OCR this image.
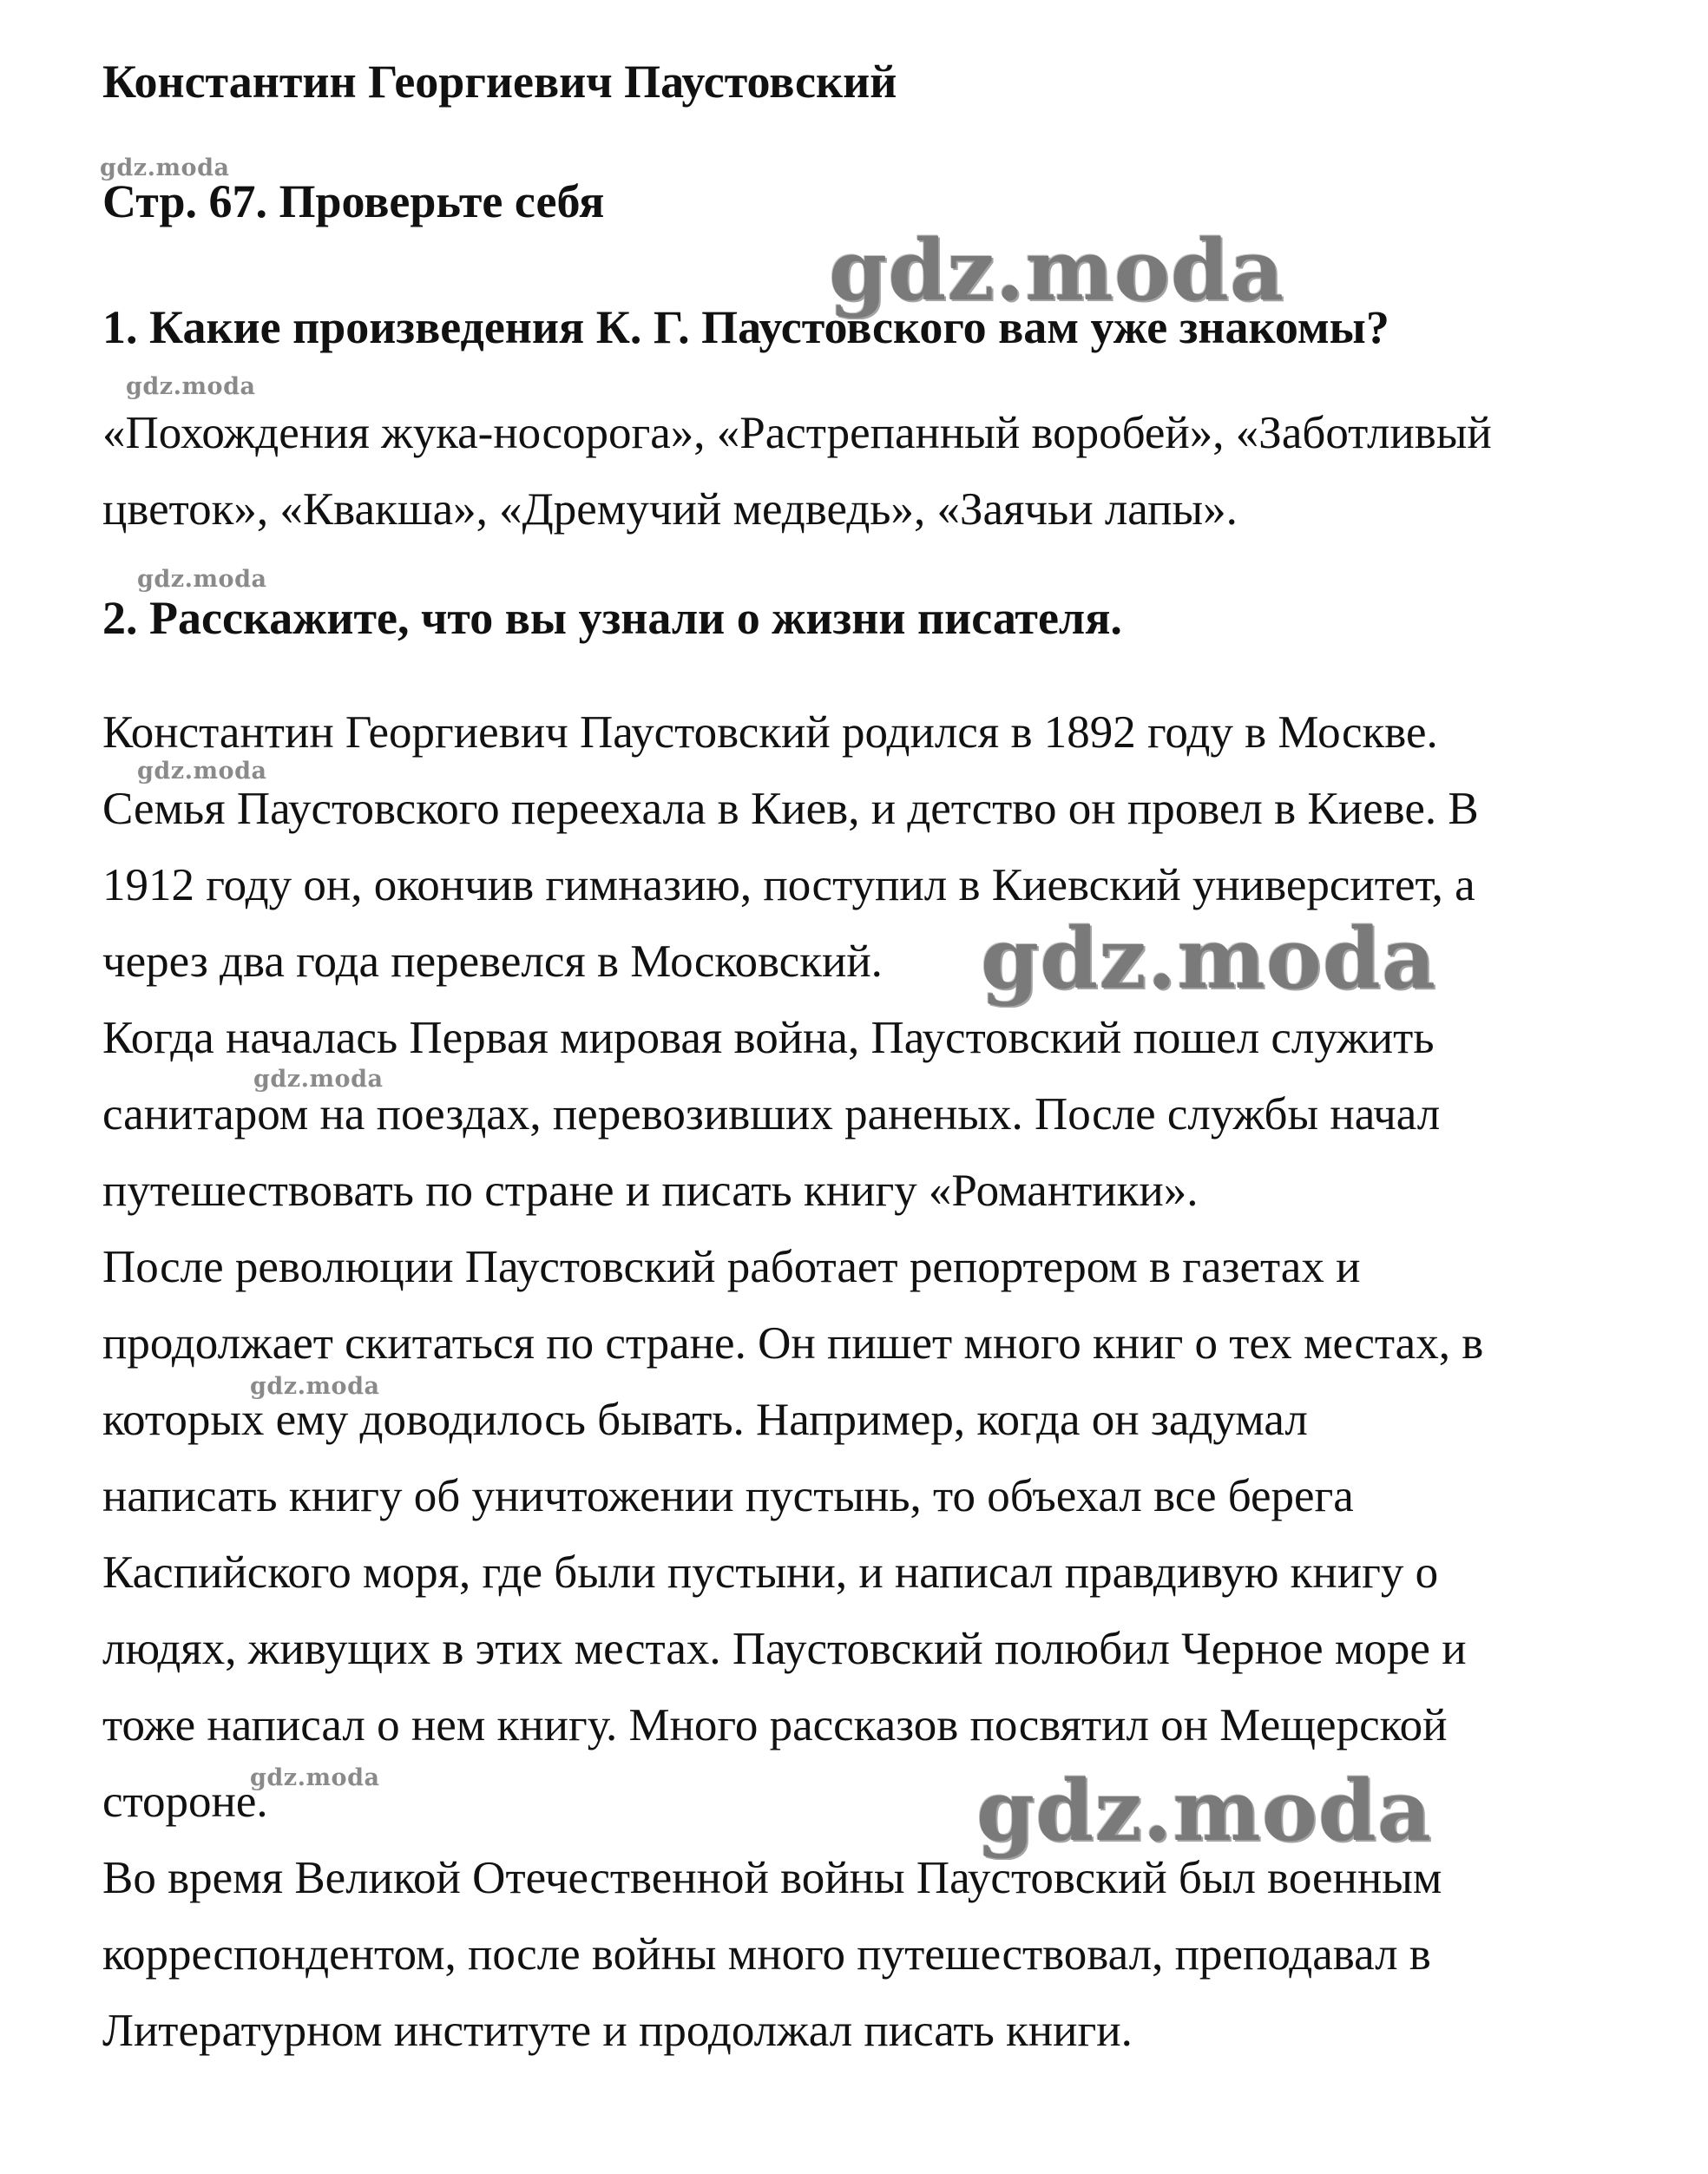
gdz.moda
gdz.moda
gdz.moda
gdz.moda
gdz.moda
gdz.moda
gdz.moda
gdz.moda
gdz.moda	gdz.moda
Константин Георгиевич Паустовский
Стр. 67. Проверьте себя
1. Какие произведения К. Г. Паустовского вам уже знакомы?

«Похождения жука-носорога», «Растрепанный воробей», «Заботливый
цветок», «Квакша», «Дремучий медведь», «Заячьи лапы».

2. Расскажите, что вы узнали о жизни писателя.

Константин Георгиевич Паустовский родился в 1892 году в Москве.
Семья Паустовского переехала в Киев, и детство он провел в Киеве. В
1912 году он, окончив гимназию, поступил в Киевский университет, а
через два года перевелся в Московский.
Когда началась Первая мировая война, Паустовский пошел служить
санитаром на поездах, перевозивших раненых. После службы начал
путешествовать по стране и писать книгу «Романтики».
После революции Паустовский работает репортером в газетах и
продолжает скитаться по стране. Он пишет много книг о тех местах, в
которых ему доводилось бывать. Например, когда он задумал
написать книгу об уничтожении пустынь, то объехал все берега
Каспийского моря, где были пустыни, и написал правдивую книгу о
людях, живущих в этих местах. Паустовский полюбил Черное море и
тоже написал о нем книгу. Много рассказов посвятил он Мещерской
стороне.
Во время Великой Отечественной войны Паустовский был военным
корреспондентом, после войны много путешествовал, преподавал в
Литературном институте и продолжал писать книги.
